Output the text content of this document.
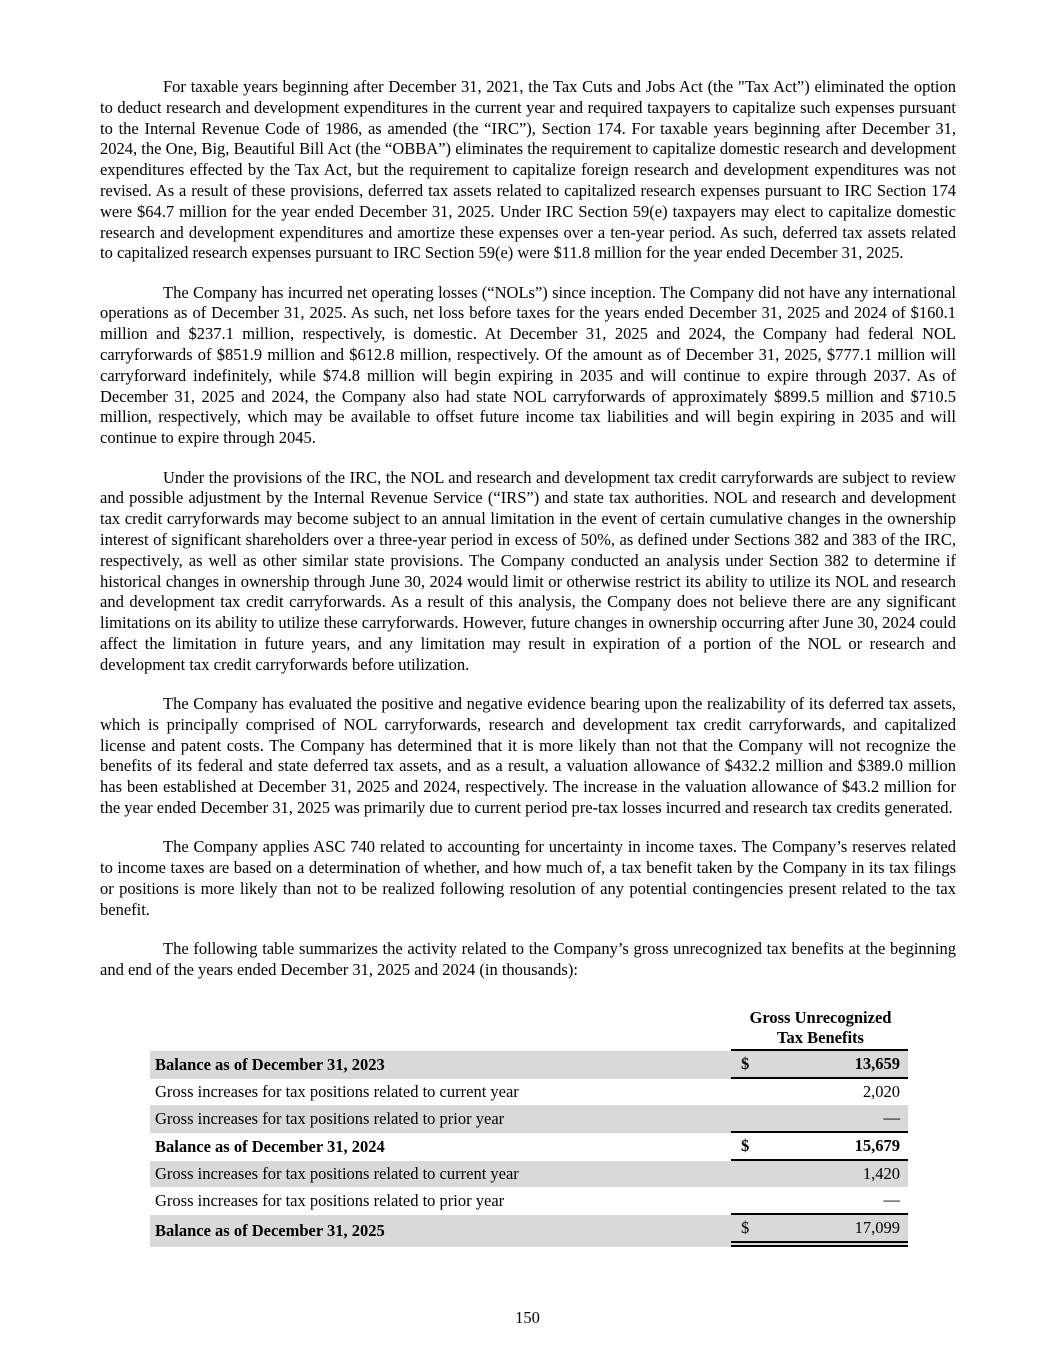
For taxable years beginning after December 31, 2021, the Tax Cuts and Jobs Act (the "Tax Act”) eliminated the option to deduct research and development expenditures in the current year and required taxpayers to capitalize such expenses pursuant to the Internal Revenue Code of 1986, as amended (the “IRC”), Section 174. For taxable years beginning after December 31, 2024, the One, Big, Beautiful Bill Act (the “OBBA”) eliminates the requirement to capitalize domestic research and development expenditures effected by the Tax Act, but the requirement to capitalize foreign research and development expenditures was not revised. As a result of these provisions, deferred tax assets related to capitalized research expenses pursuant to IRC Section 174 were $64.7 million for the year ended December 31, 2025. Under IRC Section 59(e) taxpayers may elect to capitalize domestic research and development expenditures and amortize these expenses over a ten-year period. As such, deferred tax assets related to capitalized research expenses pursuant to IRC Section 59(e) were $11.8 million for the year ended December 31, 2025.

The Company has incurred net operating losses (“NOLs”) since inception. The Company did not have any international operations as of December 31, 2025. As such, net loss before taxes for the years ended December 31, 2025 and 2024 of $160.1 million and $237.1 million, respectively, is domestic. At December 31, 2025 and 2024, the Company had federal NOL carryforwards of $851.9 million and $612.8 million, respectively. Of the amount as of December 31, 2025, $777.1 million will carryforward indefinitely, while $74.8 million will begin expiring in 2035 and will continue to expire through 2037. As of December 31, 2025 and 2024, the Company also had state NOL carryforwards of approximately $899.5 million and $710.5 million, respectively, which may be available to offset future income tax liabilities and will begin expiring in 2035 and will continue to expire through 2045.

Under the provisions of the IRC, the NOL and research and development tax credit carryforwards are subject to review and possible adjustment by the Internal Revenue Service (“IRS”) and state tax authorities. NOL and research and development tax credit carryforwards may become subject to an annual limitation in the event of certain cumulative changes in the ownership interest of significant shareholders over a three-year period in excess of 50%, as defined under Sections 382 and 383 of the IRC, respectively, as well as other similar state provisions. The Company conducted an analysis under Section 382 to determine if historical changes in ownership through June 30, 2024 would limit or otherwise restrict its ability to utilize its NOL and research and development tax credit carryforwards. As a result of this analysis, the Company does not believe there are any significant limitations on its ability to utilize these carryforwards. However, future changes in ownership occurring after June 30, 2024 could affect the limitation in future years, and any limitation may result in expiration of a portion of the NOL or research and development tax credit carryforwards before utilization.

The Company has evaluated the positive and negative evidence bearing upon the realizability of its deferred tax assets, which is principally comprised of NOL carryforwards, research and development tax credit carryforwards, and capitalized license and patent costs. The Company has determined that it is more likely than not that the Company will not recognize the benefits of its federal and state deferred tax assets, and as a result, a valuation allowance of $432.2 million and $389.0 million has been established at December 31, 2025 and 2024, respectively. The increase in the valuation allowance of $43.2 million for the year ended December 31, 2025 was primarily due to current period pre-tax losses incurred and research tax credits generated.

The Company applies ASC 740 related to accounting for uncertainty in income taxes. The Company’s reserves related to income taxes are based on a determination of whether, and how much of, a tax benefit taken by the Company in its tax filings or positions is more likely than not to be realized following resolution of any potential contingencies present related to the tax benefit.

The following table summarizes the activity related to the Company’s gross unrecognized tax benefits at the beginning and end of the years ended December 31, 2025 and 2024 (in thousands):

Gross Unrecognized
Tax Benefits
Balance as of December 31, 2023	$	13,659
Gross increases for tax positions related to current year	2,020
Gross increases for tax positions related to prior year	—
Balance as of December 31, 2024	$	15,679
Gross increases for tax positions related to current year	1,420
Gross increases for tax positions related to prior year	—
Balance as of December 31, 2025	$	17,099
150
